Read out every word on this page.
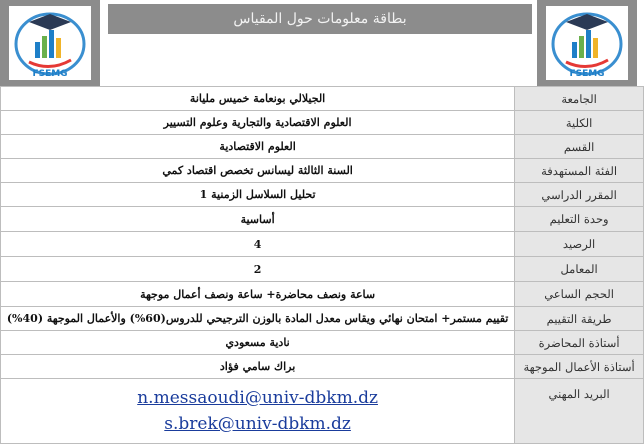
FSEMG	FSEMG
بطاقة معلومات حول المقياس
الجيلالي بونعامة خميس مليانة	الجامعة
العلوم الاقتصادية والتجارية وعلوم التسيير	الكلية
العلوم الاقتصادية	القسم
السنة الثالثة ليسانس تخصص اقتصاد كمي	الفئة المستهدفة
تحليل السلاسل الزمنية 1	المقرر الدراسي
أساسية	وحدة التعليم
4	الرصيد
2	المعامل
ساعة ونصف محاضرة+ ساعة ونصف أعمال موجهة	الحجم الساعي
تقييم مستمر+ امتحان نهائي ويقاس معدل المادة بالوزن الترجيحي للدروس(60%) والأعمال الموجهة (40%)	طريقة التقييم
نادية مسعودي	أستاذة المحاضرة
براك سامي فؤاد	أستاذة الأعمال الموجهة

n.messaoudi@univ-dbkm.dz
s.brek@univ-dbkm.dz	البريد المهني
